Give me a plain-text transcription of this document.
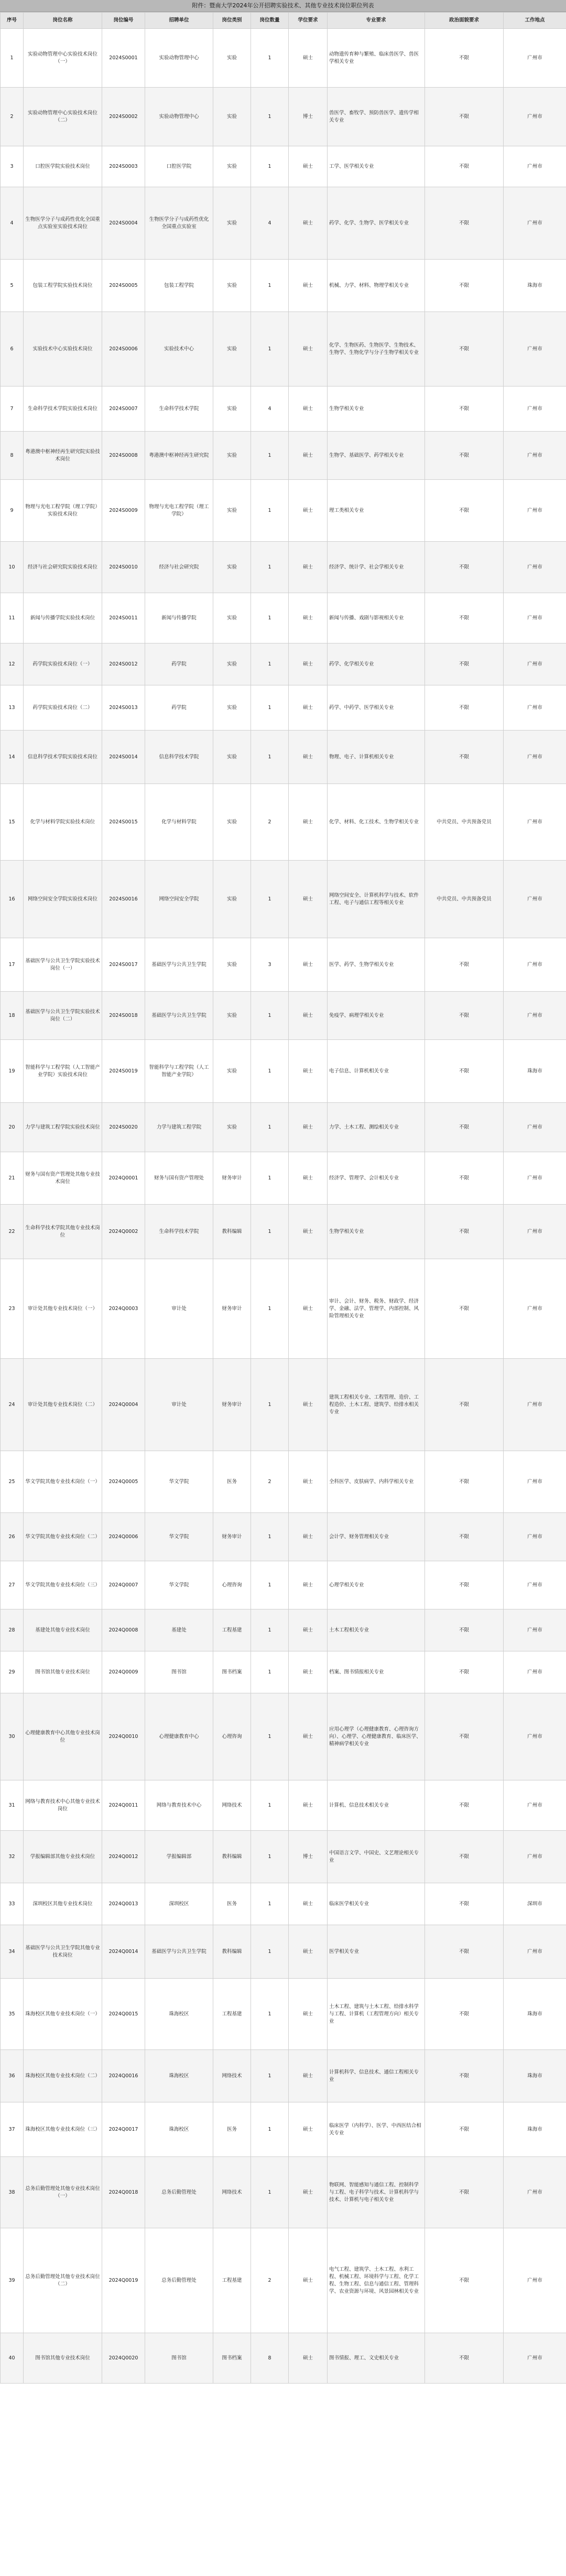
附件：暨南大学2024年公开招聘实验技术、其他专业技术岗位职位列表
序号	岗位名称	岗位编号	招聘单位	岗位类别	岗位数量	学位要求	专业要求	政治面貌要求	工作地点
1	实验动物管理中心实验技术岗位（一）	2024S0001	实验动物管理中心	实验	1	硕士	动物遗传育种与繁殖、临床兽医学、兽医学相关专业	不限	广州市
2	实验动物管理中心实验技术岗位（二）	2024S0002	实验动物管理中心	实验	1	博士	兽医学、畜牧学、预防兽医学、遗传学相关专业	不限	广州市
3	口腔医学院实验技术岗位	2024S0003	口腔医学院	实验	1	硕士	工学、医学相关专业	不限	广州市
4	生物医学分子与成药性优化全国重点实验室实验技术岗位	2024S0004	生物医学分子与成药性优化全国重点实验室	实验	4	硕士	药学、化学、生物学、医学相关专业	不限	广州市
5	包装工程学院实验技术岗位	2024S0005	包装工程学院	实验	1	硕士	机械、力学、材料、物理学相关专业	不限	珠海市
6	实验技术中心实验技术岗位	2024S0006	实验技术中心	实验	1	硕士	化学、生物医药、生物医学、生物技术、生物学、生物化学与分子生物学相关专业	不限	广州市
7	生命科学技术学院实验技术岗位	2024S0007	生命科学技术学院	实验	4	硕士	生物学相关专业	不限	广州市
8	粤港澳中枢神经再生研究院实验技术岗位	2024S0008	粤港澳中枢神经再生研究院	实验	1	硕士	生物学、基础医学、药学相关专业	不限	广州市
9	物理与光电工程学院（理工学院）实验技术岗位	2024S0009	物理与光电工程学院（理工学院）	实验	1	硕士	理工类相关专业	不限	广州市
10	经济与社会研究院实验技术岗位	2024S0010	经济与社会研究院	实验	1	硕士	经济学、统计学、社会学相关专业	不限	广州市
11	新闻与传播学院实验技术岗位	2024S0011	新闻与传播学院	实验	1	硕士	新闻与传播、戏剧与影视相关专业	不限	广州市
12	药学院实验技术岗位（一）	2024S0012	药学院	实验	1	硕士	药学、化学相关专业	不限	广州市
13	药学院实验技术岗位（二）	2024S0013	药学院	实验	1	硕士	药学、中药学、医学相关专业	不限	广州市
14	信息科学技术学院实验技术岗位	2024S0014	信息科学技术学院	实验	1	硕士	物理、电子、计算机相关专业	不限	广州市
15	化学与材料学院实验技术岗位	2024S0015	化学与材料学院	实验	2	硕士	化学、材料、化工技术、生物学相关专业	中共党员、中共预备党员	广州市
16	网络空间安全学院实验技术岗位	2024S0016	网络空间安全学院	实验	1	硕士	网络空间安全、计算机科学与技术、软件工程、电子与通信工程等相关专业	中共党员、中共预备党员	广州市
17	基础医学与公共卫生学院实验技术岗位（一）	2024S0017	基础医学与公共卫生学院	实验	3	硕士	医学、药学、生物学相关专业	不限	广州市
18	基础医学与公共卫生学院实验技术岗位（二）	2024S0018	基础医学与公共卫生学院	实验	1	硕士	免疫学、病理学相关专业	不限	广州市
19	智能科学与工程学院（人工智能产业学院）实验技术岗位	2024S0019	智能科学与工程学院（人工智能产业学院）	实验	1	硕士	电子信息、计算机相关专业	不限	珠海市
20	力学与建筑工程学院实验技术岗位	2024S0020	力学与建筑工程学院	实验	1	硕士	力学、土木工程、测绘相关专业	不限	广州市
21	财务与国有资产管理处其他专业技术岗位	2024Q0001	财务与国有资产管理处	财务审计	1	硕士	经济学、管理学、会计相关专业	不限	广州市
22	生命科学技术学院其他专业技术岗位	2024Q0002	生命科学技术学院	教科编辑	1	硕士	生物学相关专业	不限	广州市
23	审计处其他专业技术岗位（一）	2024Q0003	审计处	财务审计	1	硕士	审计、会计、财务、税务、财政学、经济学、金融、法学、管理学、内部控制、风险管理相关专业	不限	广州市
24	审计处其他专业技术岗位（二）	2024Q0004	审计处	财务审计	1	硕士	建筑工程相关专业、工程管理、造价、工程造价、土木工程、建筑学、给排水相关专业	不限	广州市
25	华文学院其他专业技术岗位（一）	2024Q0005	华文学院	医务	2	硕士	全科医学、皮肤病学、内科学相关专业	不限	广州市
26	华文学院其他专业技术岗位（二）	2024Q0006	华文学院	财务审计	1	硕士	会计学、财务管理相关专业	不限	广州市
27	华文学院其他专业技术岗位（三）	2024Q0007	华文学院	心理咨询	1	硕士	心理学相关专业	不限	广州市
28	基建处其他专业技术岗位	2024Q0008	基建处	工程基建	1	硕士	土木工程相关专业	不限	广州市
29	图书馆其他专业技术岗位	2024Q0009	图书馆	图书档案	1	硕士	档案、图书情报相关专业	不限	广州市
30	心理健康教育中心其他专业技术岗位	2024Q0010	心理健康教育中心	心理咨询	1	硕士	应用心理学（心理健康教育、心理咨询方向）、心理学、心理健康教育、临床医学、精神病学相关专业	不限	广州市
31	网络与教育技术中心其他专业技术岗位	2024Q0011	网络与教育技术中心	网络技术	1	硕士	计算机、信息技术相关专业	不限	广州市
32	学报编辑部其他专业技术岗位	2024Q0012	学报编辑部	教科编辑	1	博士	中国语言文学、中国史、文艺理论相关专业	不限	广州市
33	深圳校区其他专业技术岗位	2024Q0013	深圳校区	医务	1	硕士	临床医学相关专业	不限	深圳市
34	基础医学与公共卫生学院其他专业技术岗位	2024Q0014	基础医学与公共卫生学院	教科编辑	1	硕士	医学相关专业	不限	广州市
35	珠海校区其他专业技术岗位（一）	2024Q0015	珠海校区	工程基建	1	硕士	土木工程、建筑与土木工程、给排水科学与工程、计算机（工程管理方向）相关专业	不限	珠海市
36	珠海校区其他专业技术岗位（二）	2024Q0016	珠海校区	网络技术	1	硕士	计算机科学、信息技术、通信工程相关专业	不限	珠海市
37	珠海校区其他专业技术岗位（三）	2024Q0017	珠海校区	医务	1	硕士	临床医学（内科学）、医学、中西医结合相关专业	不限	珠海市
38	总务后勤管理处其他专业技术岗位（一）	2024Q0018	总务后勤管理处	网络技术	1	硕士	物联网、智能感知与通信工程、控制科学与工程、电子科学与技术、计算机科学与技术、计算机与电子相关专业	不限	广州市
39	总务后勤管理处其他专业技术岗位（二）	2024Q0019	总务后勤管理处	工程基建	2	硕士	电气工程、建筑学、土木工程、水利工程、机械工程、环境科学与工程、化学工程、生物工程、信息与通信工程、管理科学、农业资源与环境、风景园林相关专业	不限	广州市
40	图书馆其他专业技术岗位	2024Q0020	图书馆	图书档案	8	硕士	图书情报、理工、文史相关专业	不限	广州市
